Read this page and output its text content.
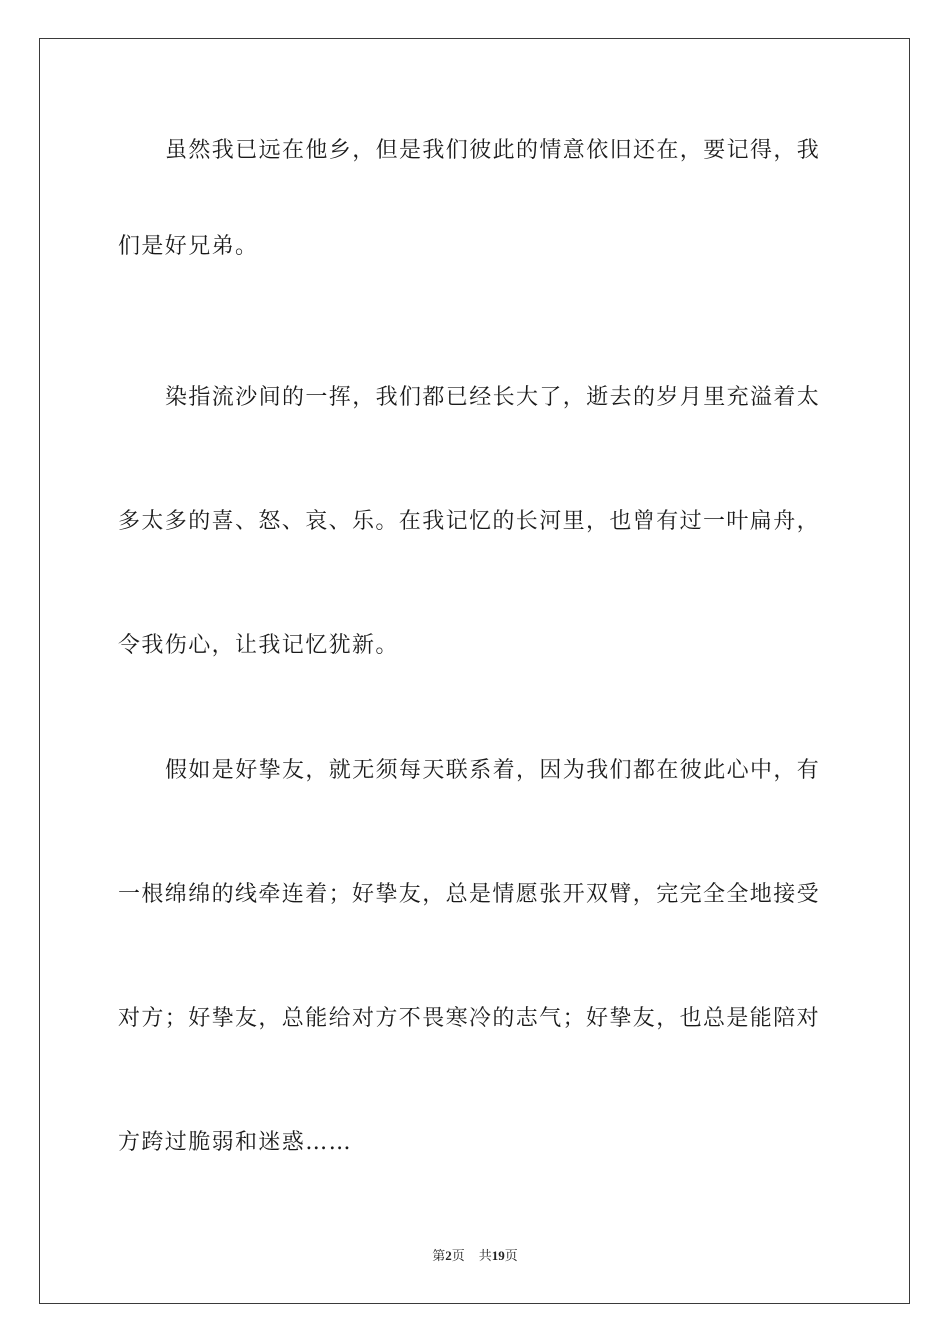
虽然我已远在他乡，但是我们彼此的情意依旧还在，要记得，我
们是好兄弟。
染指流沙间的一挥，我们都已经长大了，逝去的岁月里充溢着太
多太多的喜、怒、哀、乐。在我记忆的长河里，也曾有过一叶扁舟，
令我伤心，让我记忆犹新。
假如是好挚友，就无须每天联系着，因为我们都在彼此心中，有
一根绵绵的线牵连着；好挚友，总是情愿张开双臂，完完全全地接受
对方；好挚友，总能给对方不畏寒冷的志气；好挚友，也总是能陪对
方跨过脆弱和迷惑……
第2页 共19页
